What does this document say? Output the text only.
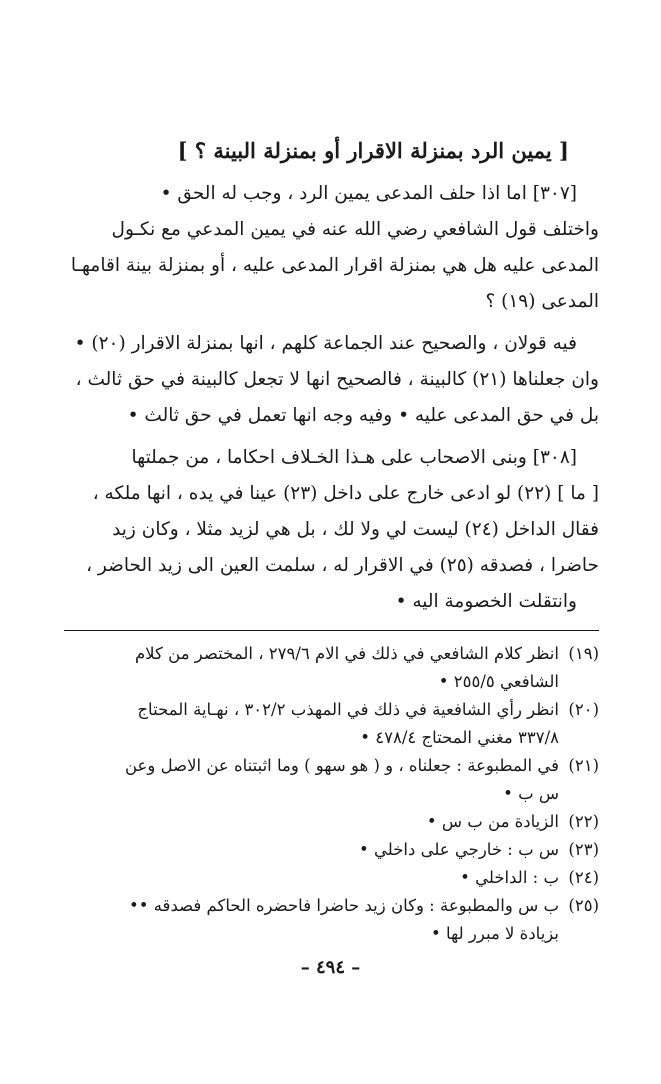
[ يمين الرد بمنزلة الاقرار أو بمنزلة البينة ؟ ]

[٣٠٧] اما اذا حلف المدعى يمين الرد ، وجب له الحق •
واختلف قول الشافعي رضي الله عنه في يمين المدعي مع نكـول
المدعى عليه هل هي بمنزلة اقرار المدعى عليه ، أو بمنزلة بينة اقامهـا
المدعى (١٩) ؟

فيه قولان ، والصحيح عند الجماعة كلهم ، انها بمنزلة الاقرار (٢٠) •
وان جعلناها (٢١) كالبينة ، فالصحيح انها لا تجعل كالبينة في حق ثالث ،
بل في حق المدعى عليه • وفيه وجه انها تعمل في حق ثالث •

[٣٠٨] وبنى الاصحاب على هـذا الخـلاف احكاما ، من جملتها
[ ما ] (٢٢) لو ادعى خارج على داخل (٢٣) عينا في يده ، انها ملكه ،
فقال الداخل (٢٤) ليست لي ولا لك ، بل هي لزيد مثلا ، وكان زيد
حاضرا ، فصدقه (٢٥) في الاقرار له ، سلمت العين الى زيد الحاضر ،
وانتقلت الخصومة اليه •

(١٩)
انظر كلام الشافعي في ذلك في الام ٢٧٩/٦ ، المختصر من كلام
الشافعي ٢٥٥/٥ •
(٢٠)
انظر رأي الشافعية في ذلك في المهذب ٣٠٢/٢ ، نهـاية المحتاج
٣٣٧/٨ مغني المحتاج ٤٧٨/٤ •
(٢١)
في المطبوعة : جعلناه ، و ( هو سهو ) وما اثبتناه عن الاصل وعن
س ب •
(٢٢)
الزيادة من ب س •
(٢٣)
س ب : خارجي على داخلي •
(٢٤)
ب : الداخلي •
(٢٥)
ب س والمطبوعة : وكان زيد حاضرا فاحضره الحاكم فصدقه ••
بزيادة لا مبرر لها •
– ٤٩٤ –
